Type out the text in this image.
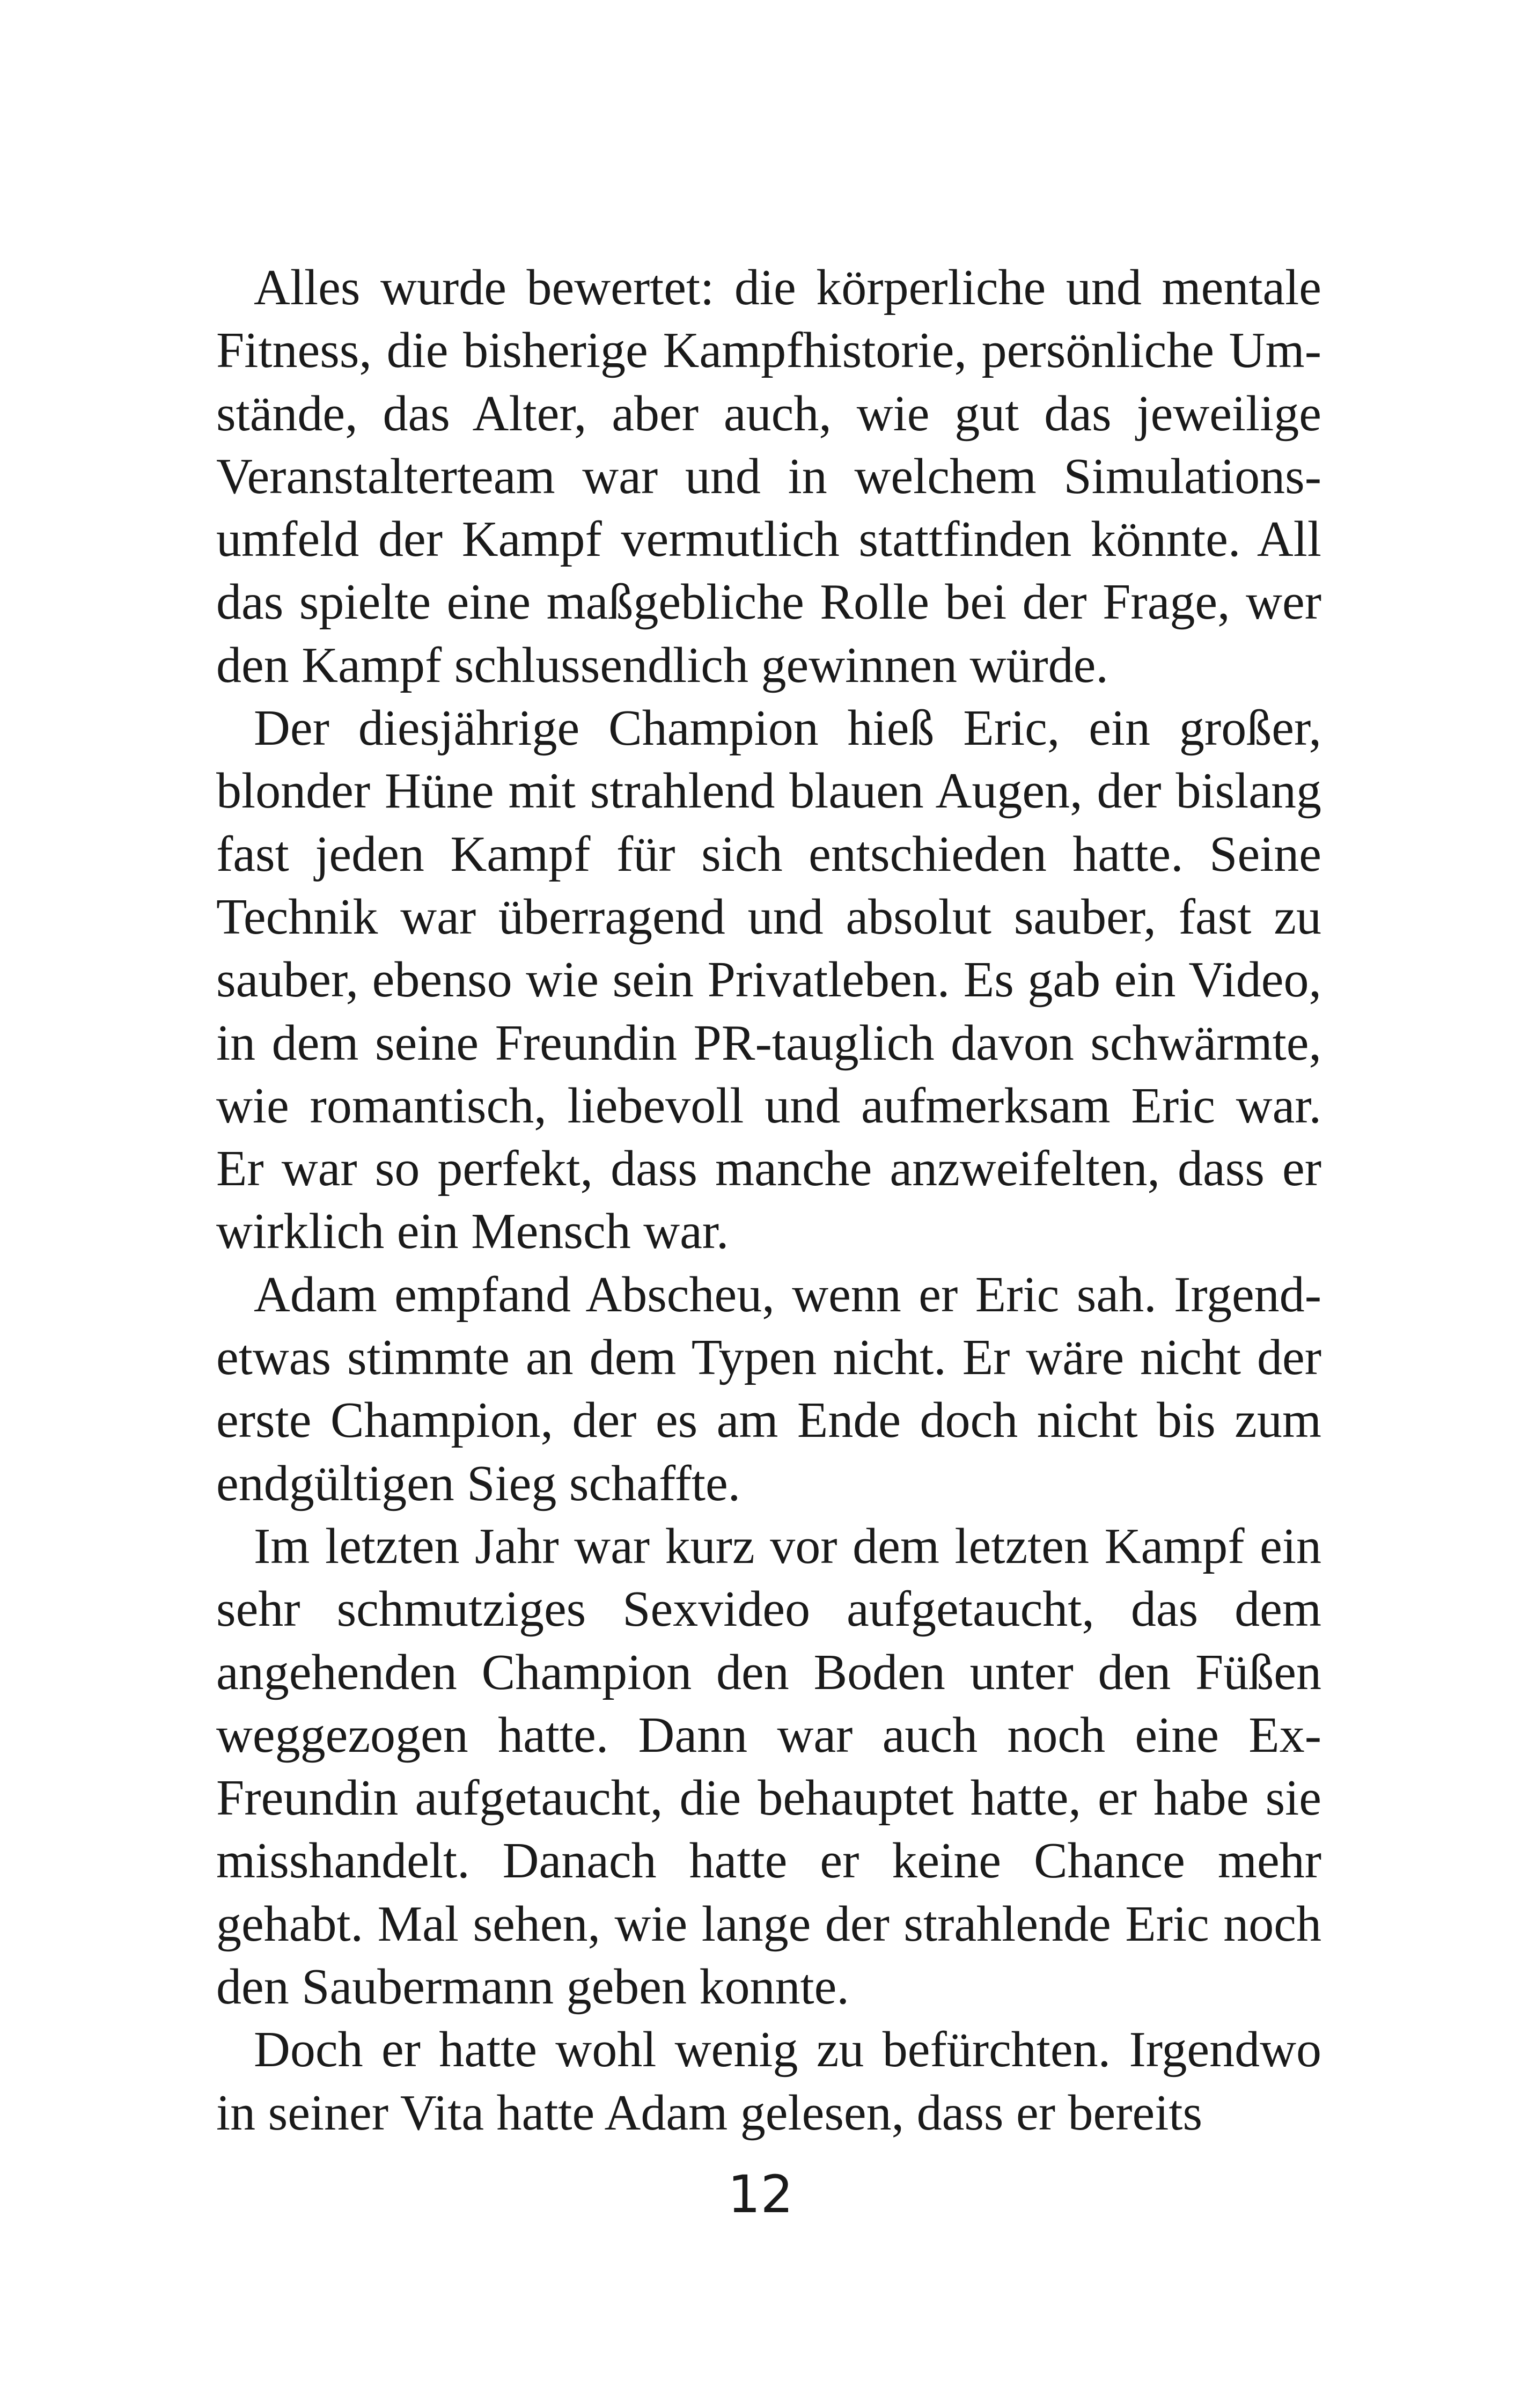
Alles wurde bewertet: die körperliche und mentale Fitness, die bisherige Kampfhistorie, persönliche Umstände, das Alter, aber auch, wie gut das jeweilige Veranstalterteam war und in welchem Simulationsumfeld der Kampf vermutlich stattfinden könnte. All das spielte eine maßgebliche Rolle bei der Frage, wer den Kampf schlussendlich gewinnen würde.

Der diesjährige Champion hieß Eric, ein großer, blonder Hüne mit strahlend blauen Augen, der bislang fast jeden Kampf für sich entschieden hatte. Seine Technik war überragend und absolut sauber, fast zu sauber, ebenso wie sein Privatleben. Es gab ein Video, in dem seine Freundin PR-tauglich davon schwärmte, wie romantisch, liebevoll und aufmerksam Eric war. Er war so perfekt, dass manche anzweifelten, dass er wirklich ein Mensch war.

Adam empfand Abscheu, wenn er Eric sah. Irgendetwas stimmte an dem Typen nicht. Er wäre nicht der erste Champion, der es am Ende doch nicht bis zum endgültigen Sieg schaffte.

Im letzten Jahr war kurz vor dem letzten Kampf ein sehr schmutziges Sexvideo aufgetaucht, das dem angehenden Champion den Boden unter den Füßen weggezogen hatte. Dann war auch noch eine Ex-Freundin aufgetaucht, die behauptet hatte, er habe sie misshandelt. Danach hatte er keine Chance mehr gehabt. Mal sehen, wie lange der strahlende Eric noch den Saubermann geben konnte.

Doch er hatte wohl wenig zu befürchten. Irgendwo in seiner Vita hatte Adam gelesen, dass er bereits

12
